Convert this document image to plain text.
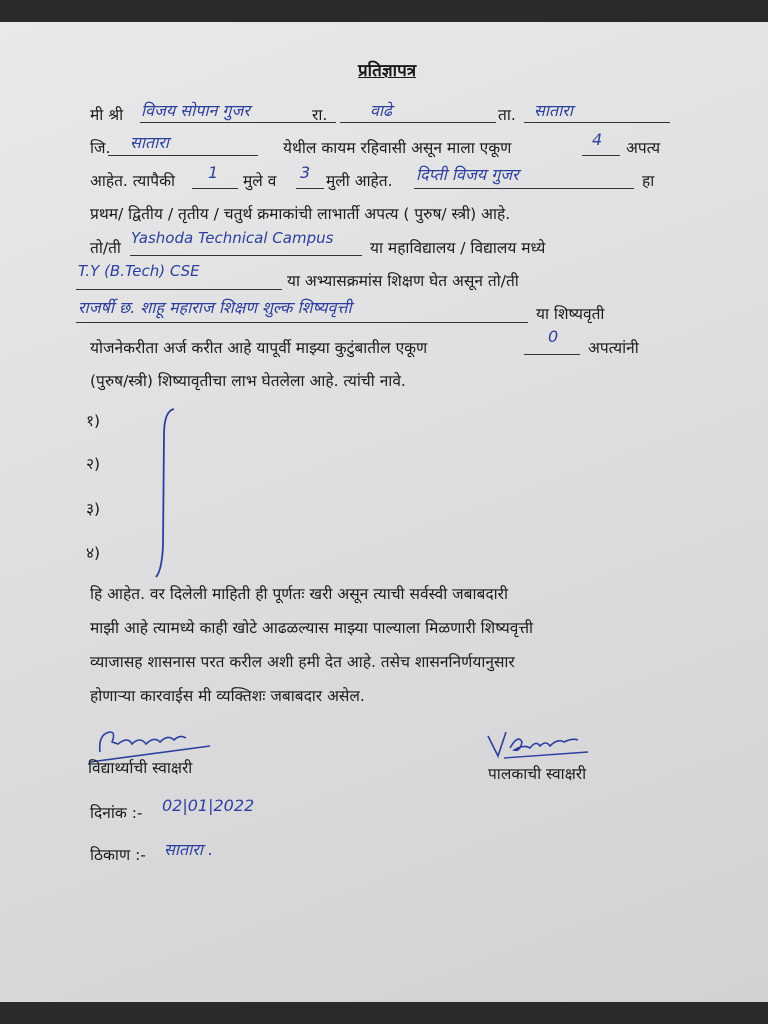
प्रतिज्ञापत्र
मी श्री विजय सोपान गुजर	रा.	वाढे	ता. सातारा
जि. सातारा	येथील कायम रहिवासी असून माला एकूण	4 अपत्य
आहेत. त्यापैकी 1 मुले व 3 मुली आहेत. दिप्ती विजय गुजर	हा
प्रथम/ द्वितीय / तृतीय / चतुर्थ क्रमाकांची लाभार्ती अपत्य ( पुरुष/ स्त्री) आहे.
तो/ती
Yashoda Technical Campus
या महाविद्यालय / विद्यालय मध्ये
T.Y (B.Tech) CSE
या अभ्यासक्रमांस शिक्षण घेत असून तो/ती
राजर्षी छ. शाहू महाराज शिक्षण शुल्क शिष्यवृत्ती	या शिष्यवृती
योजनेकरीता अर्ज करीत आहे यापूर्वी माझ्या कुटुंबातील एकूण
0
अपत्यांनी
(पुरुष/स्त्री) शिष्यावृतीचा लाभ घेतलेला आहे. त्यांची नावे.
१)
२)
३)
४)
हि आहेत. वर दिलेली माहिती ही पूर्णतः खरी असून त्याची सर्वस्वी जबाबदारी
माझी आहे त्यामध्ये काही खोटे आढळल्यास माझ्या पाल्याला मिळणारी शिष्यवृत्ती
व्याजासह शासनास परत करील अशी हमी देत आहे. तसेच शासननिर्णयानुसार
होणाऱ्या कारवाईस मी व्यक्तिशः जबाबदार असेल.
विद्यार्थ्याची स्वाक्षरी	पालकाची स्वाक्षरी
दिनांक :- 02|01|2022
ठिकाण :- सातारा .
